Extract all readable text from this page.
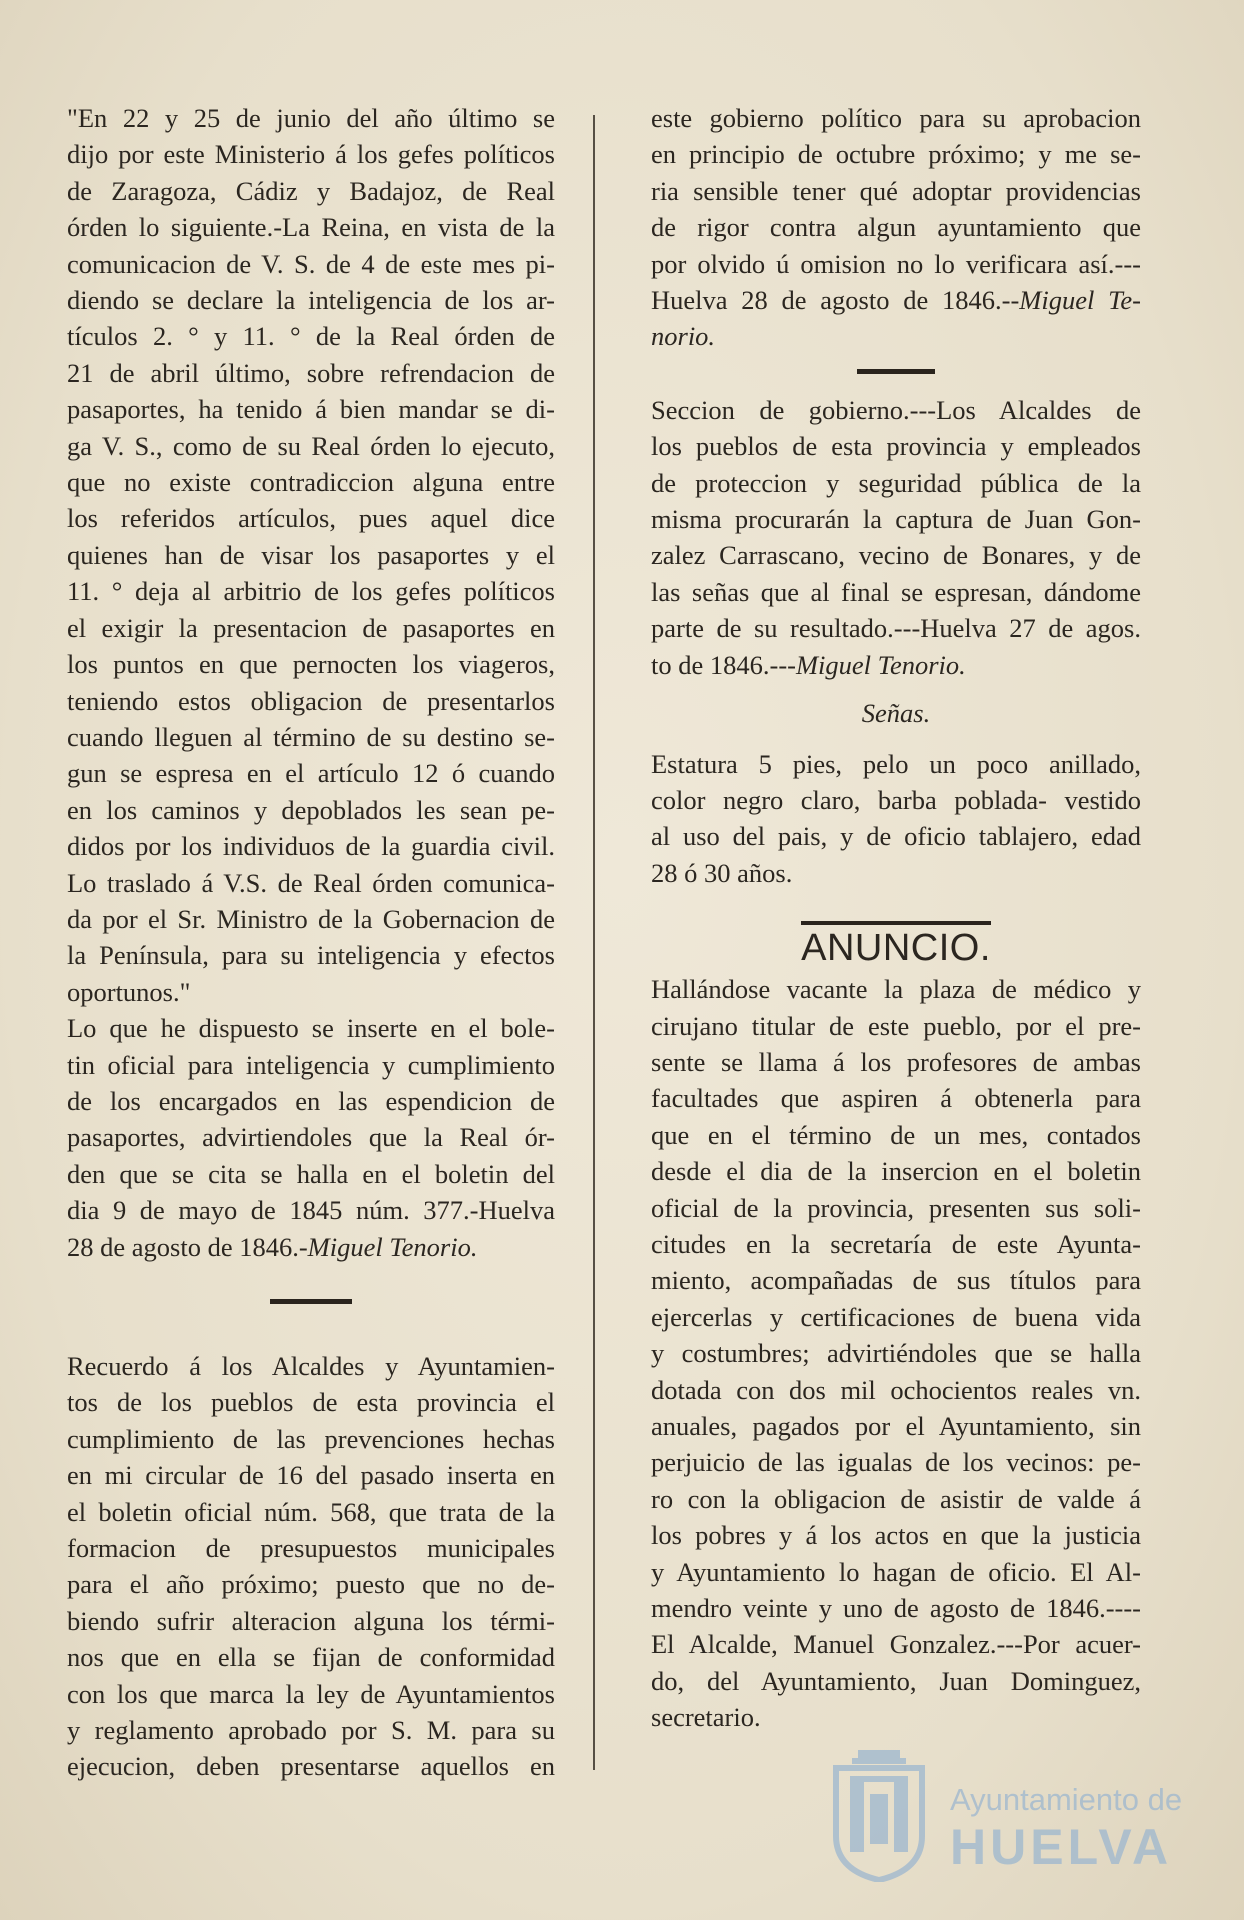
"En 22 y 25 de junio del año último se
dijo por este Ministerio á los gefes políticos
de Zaragoza, Cádiz y Badajoz, de Real
órden lo siguiente.-La Reina, en vista de la
comunicacion de V. S. de 4 de este mes pi-
diendo se declare la inteligencia de los ar-
tículos 2. ° y 11. ° de la Real órden de
21 de abril último, sobre refrendacion de
pasaportes, ha tenido á bien mandar se di-
ga V. S., como de su Real órden lo ejecuto,
que no existe contradiccion alguna entre
los referidos artículos, pues aquel dice
quienes han de visar los pasaportes y el
11. ° deja al arbitrio de los gefes políticos
el exigir la presentacion de pasaportes en
los puntos en que pernocten los viageros,
teniendo estos obligacion de presentarlos
cuando lleguen al término de su destino se-
gun se espresa en el artículo 12 ó cuando
en los caminos y depoblados les sean pe-
didos por los individuos de la guardia civil.
Lo traslado á V.S. de Real órden comunica-
da por el Sr. Ministro de la Gobernacion de
la Península, para su inteligencia y efectos

oportunos."

Lo que he dispuesto se inserte en el bole-
tin oficial para inteligencia y cumplimiento
de los encargados en las espendicion de
pasaportes, advirtiendoles que la Real ór-
den que se cita se halla en el boletin del
dia 9 de mayo de 1845 núm. 377.-Huelva

28 de agosto de 1846.-Miguel Tenorio.

Recuerdo á los Alcaldes y Ayuntamien-
tos de los pueblos de esta provincia el
cumplimiento de las prevenciones hechas
en mi circular de 16 del pasado inserta en
el boletin oficial núm. 568, que trata de la
formacion de presupuestos municipales
para el año próximo; puesto que no de-
biendo sufrir alteracion alguna los térmi-
nos que en ella se fijan de conformidad
con los que marca la ley de Ayuntamientos
y reglamento aprobado por S. M. para su

ejecucion, deben presentarse aquellos en

este gobierno político para su aprobacion
en principio de octubre próximo; y me se-
ria sensible tener qué adoptar providencias
de rigor contra algun ayuntamiento que
por olvido ú omision no lo verificara así.---

Huelva 28 de agosto de 1846.--Miguel Te-

norio.

Seccion de gobierno.---Los Alcaldes de
los pueblos de esta provincia y empleados
de proteccion y seguridad pública de la
misma procurarán la captura de Juan Gon-
zalez Carrascano, vecino de Bonares, y de
las señas que al final se espresan, dándome

parte de su resultado.---Huelva 27 de agos.

to de 1846.---Miguel Tenorio.

Señas.

Estatura 5 pies, pelo un poco anillado,
color negro claro, barba poblada- vestido

al uso del pais, y de oficio tablajero, edad

28 ó 30 años.

ANUNCIO.

Hallándose vacante la plaza de médico y
cirujano titular de este pueblo, por el pre-
sente se llama á los profesores de ambas
facultades que aspiren á obtenerla para
que en el término de un mes, contados
desde el dia de la insercion en el boletin
oficial de la provincia, presenten sus soli-
citudes en la secretaría de este Ayunta-
miento, acompañadas de sus títulos para
ejercerlas y certificaciones de buena vida
y costumbres; advirtiéndoles que se halla
dotada con dos mil ochocientos reales vn.
anuales, pagados por el Ayuntamiento, sin
perjuicio de las igualas de los vecinos: pe-
ro con la obligacion de asistir de valde á
los pobres y á los actos en que la justicia
y Ayuntamiento lo hagan de oficio. El Al-
mendro veinte y uno de agosto de 1846.----
El Alcalde, Manuel Gonzalez.---Por acuer-

do, del Ayuntamiento, Juan Dominguez,

secretario.

Ayuntamiento de
HUELVA
